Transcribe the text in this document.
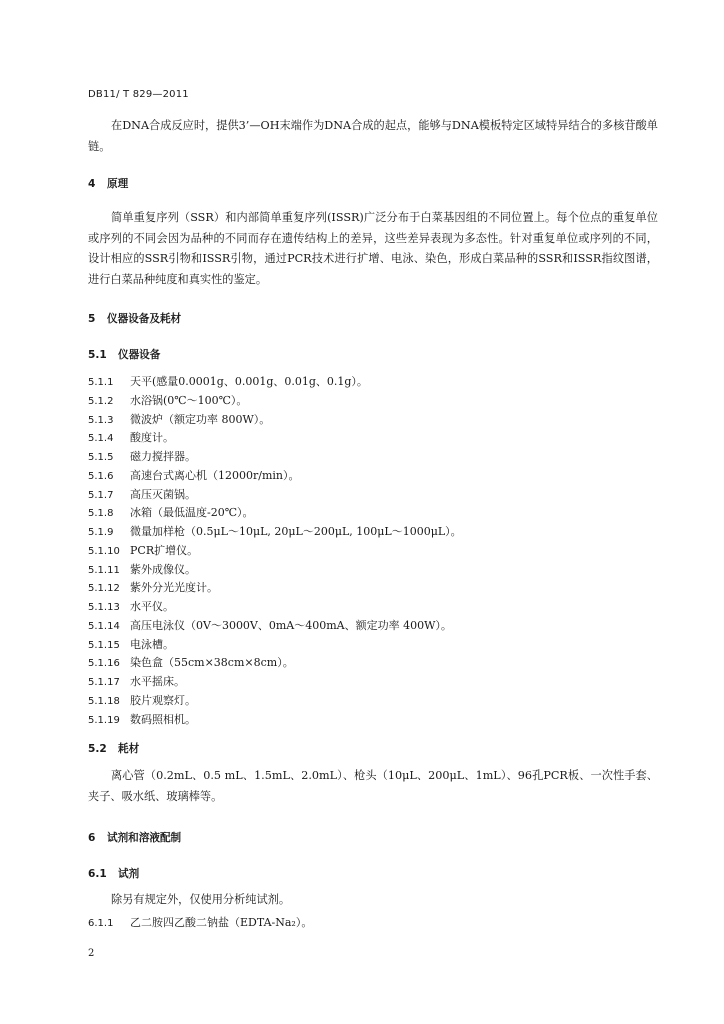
DB11/ T 829—2011
在DNA合成反应时，提供3’—OH末端作为DNA合成的起点，能够与DNA模板特定区域特异结合的多核苷酸单链。
4 原理
简单重复序列（SSR）和内部简单重复序列(ISSR)广泛分布于白菜基因组的不同位置上。每个位点的重复单位或序列的不同会因为品种的不同而存在遗传结构上的差异，这些差异表现为多态性。针对重复单位或序列的不同，设计相应的SSR引物和ISSR引物，通过PCR技术进行扩增、电泳、染色，形成白菜品种的SSR和ISSR指纹图谱，进行白菜品种纯度和真实性的鉴定。
5 仪器设备及耗材
5.1 仪器设备
5.1.1 天平(感量0.0001g、0.001g、0.01g、0.1g）。
5.1.2 水浴锅(0℃～100℃）。
5.1.3 微波炉（额定功率 800W）。
5.1.4 酸度计。
5.1.5 磁力搅拌器。
5.1.6 高速台式离心机（12000r/min）。
5.1.7 高压灭菌锅。
5.1.8 冰箱（最低温度-20℃）。
5.1.9 微量加样枪（0.5μL～10μL, 20μL～200μL, 100μL～1000μL）。
5.1.10 PCR扩增仪。
5.1.11 紫外成像仪。
5.1.12 紫外分光光度计。
5.1.13 水平仪。
5.1.14 高压电泳仪（0V～3000V、0mA～400mA、额定功率 400W）。
5.1.15 电泳槽。
5.1.16 染色盒（55cm×38cm×8cm）。
5.1.17 水平摇床。
5.1.18 胶片观察灯。
5.1.19 数码照相机。
5.2 耗材
离心管（0.2mL、0.5 mL、1.5mL、2.0mL）、枪头（10μL、200μL、1mL）、96孔PCR板、一次性手套、夹子、吸水纸、玻璃棒等。
6 试剂和溶液配制
6.1 试剂
除另有规定外，仅使用分析纯试剂。
6.1.1 乙二胺四乙酸二钠盐（EDTA-Na₂）。
2
